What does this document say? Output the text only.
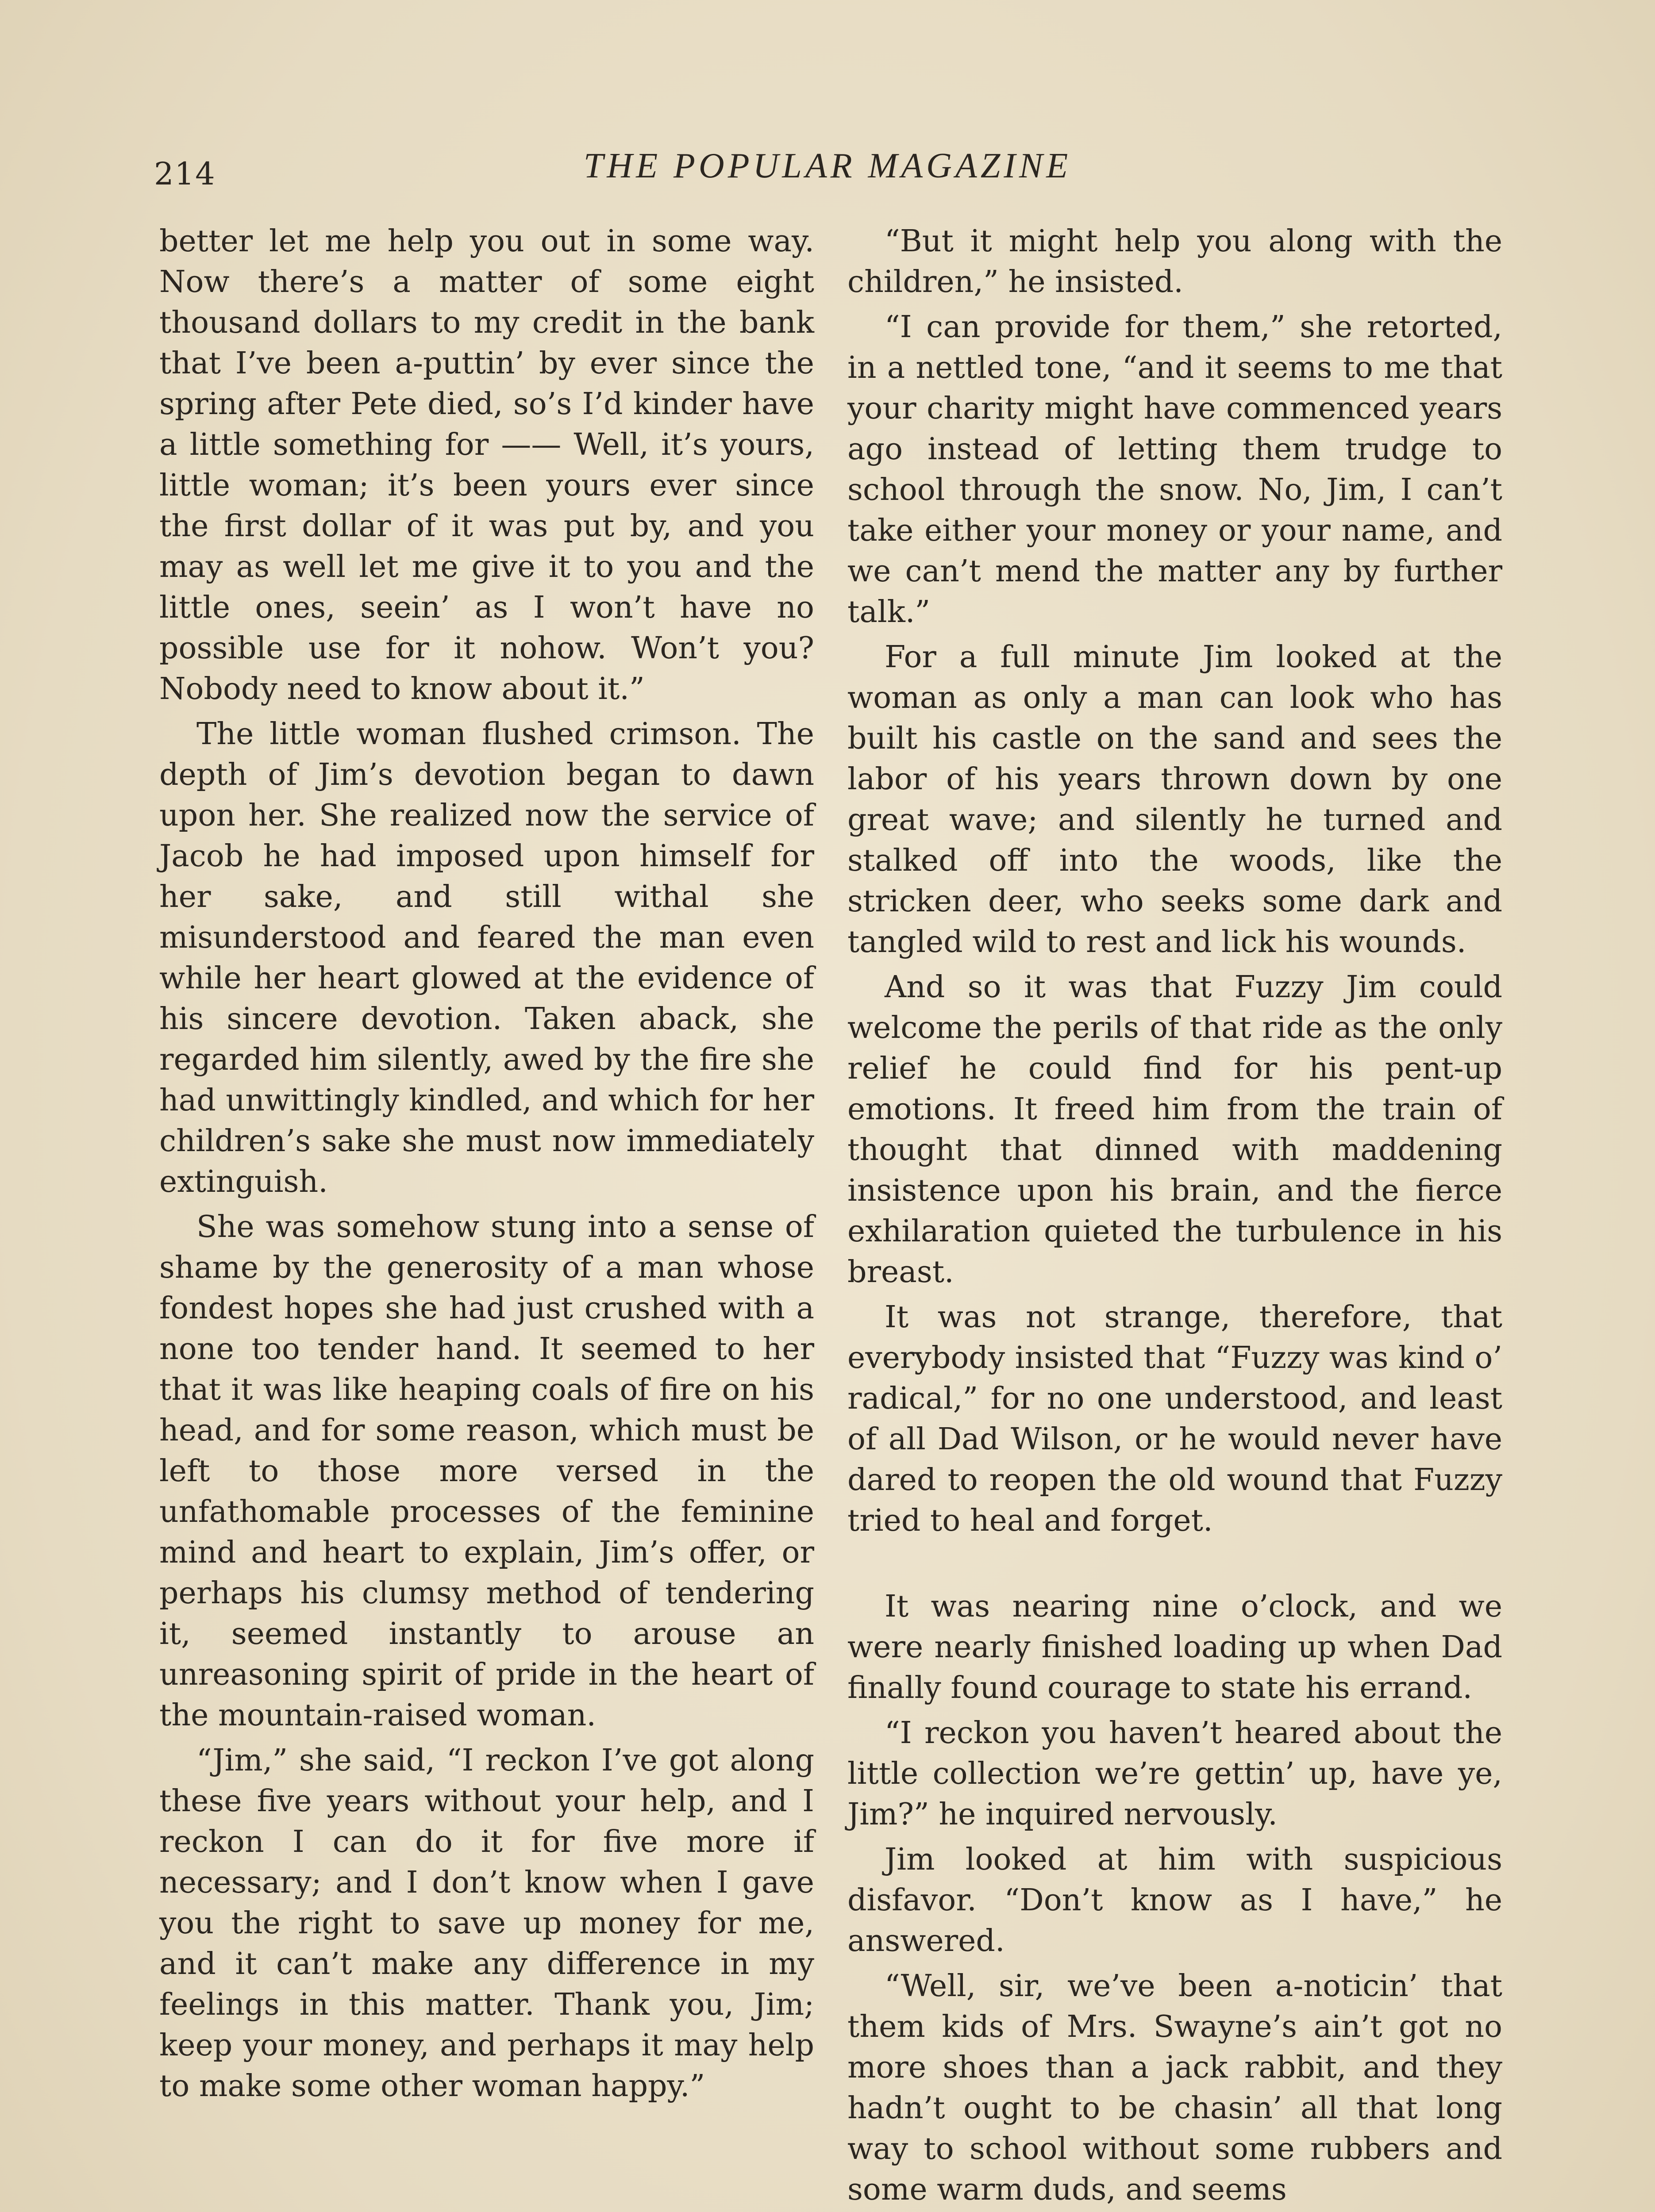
214	THE POPULAR MAGAZINE

better let me help you out in some way. Now there’s a matter of some eight thousand dollars to my credit in the bank that I’ve been a-puttin’ by ever since the spring after Pete died, so’s I’d kinder have a little something for —— Well, it’s yours, little woman; it’s been yours ever since the first dollar of it was put by, and you may as well let me give it to you and the little ones, seein’ as I won’t have no possible use for it nohow. Won’t you? Nobody need to know about it.”

The little woman flushed crimson. The depth of Jim’s devotion began to dawn upon her. She realized now the service of Jacob he had imposed upon himself for her sake, and still withal she misunderstood and feared the man even while her heart glowed at the evidence of his sincere devotion. Taken aback, she regarded him silently, awed by the fire she had unwittingly kindled, and which for her children’s sake she must now immediately extinguish.

She was somehow stung into a sense of shame by the generosity of a man whose fondest hopes she had just crushed with a none too tender hand. It seemed to her that it was like heaping coals of fire on his head, and for some reason, which must be left to those more versed in the unfathomable processes of the feminine mind and heart to explain, Jim’s offer, or perhaps his clumsy method of tendering it, seemed instantly to arouse an unreasoning spirit of pride in the heart of the mountain-raised woman.

“Jim,” she said, “I reckon I’ve got along these five years without your help, and I reckon I can do it for five more if necessary; and I don’t know when I gave you the right to save up money for me, and it can’t make any difference in my feelings in this matter. Thank you, Jim; keep your money, and perhaps it may help to make some other woman happy.”

“But it might help you along with the children,” he insisted.

“I can provide for them,” she retorted, in a nettled tone, “and it seems to me that your charity might have commenced years ago instead of letting them trudge to school through the snow. No, Jim, I can’t take either your money or your name, and we can’t mend the matter any by further talk.”

For a full minute Jim looked at the woman as only a man can look who has built his castle on the sand and sees the labor of his years thrown down by one great wave; and silently he turned and stalked off into the woods, like the stricken deer, who seeks some dark and tangled wild to rest and lick his wounds.

And so it was that Fuzzy Jim could welcome the perils of that ride as the only relief he could find for his pent-up emotions. It freed him from the train of thought that dinned with maddening insistence upon his brain, and the fierce exhilaration quieted the turbulence in his breast.

It was not strange, therefore, that everybody insisted that “Fuzzy was kind o’ radical,” for no one understood, and least of all Dad Wilson, or he would never have dared to reopen the old wound that Fuzzy tried to heal and forget.

It was nearing nine o’clock, and we were nearly finished loading up when Dad finally found courage to state his errand.

“I reckon you haven’t heared about the little collection we’re gettin’ up, have ye, Jim?” he inquired nervously.

Jim looked at him with suspicious disfavor. “Don’t know as I have,” he answered.

“Well, sir, we’ve been a-noticin’ that them kids of Mrs. Swayne’s ain’t got no more shoes than a jack rabbit, and they hadn’t ought to be chasin’ all that long way to school without some rubbers and some warm duds, and seems
